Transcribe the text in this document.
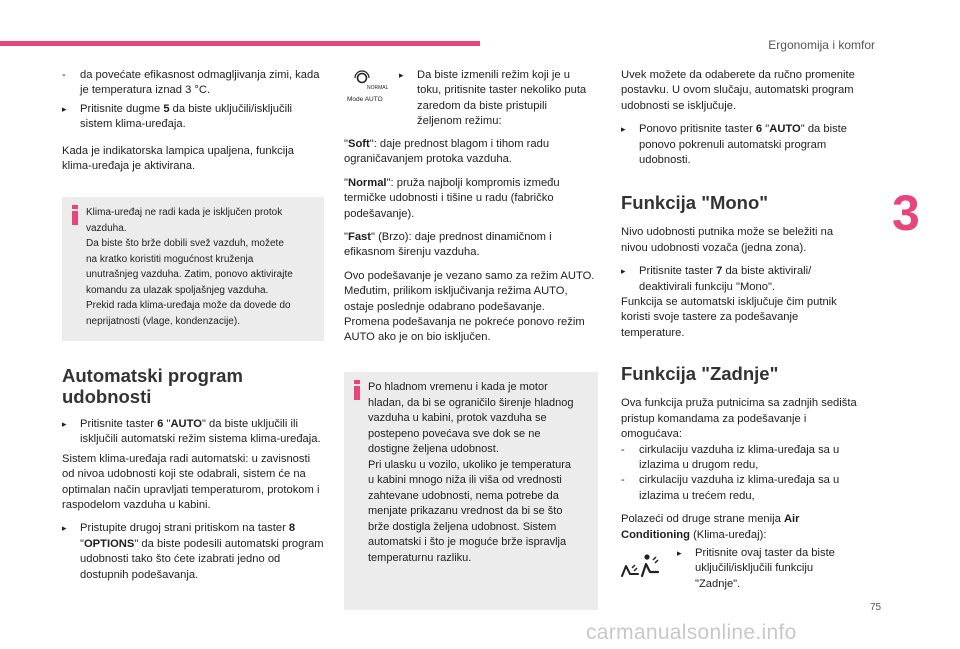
Ergonomija i komfor
3
75
carmanualsonline.info

- da povećate efikasnost odmagljivanja zimi, kada je temperatura iznad 3 °C.

▸ Pritisnite dugme 5 da biste uključili/isključili sistem klima-uređaja.

Kada je indikatorska lampica upaljena, funkcija klima-uređaja je aktivirana.

Klima-uređaj ne radi kada je isključen protok
vazduha.
Da biste što brže dobili svež vazduh, možete
na kratko koristiti mogućnost kruženja
unutrašnjeg vazduha. Zatim, ponovo aktivirajte
komandu za ulazak spoljašnjeg vazduha.
Prekid rada klima-uređaja može da dovede do
neprijatnosti (vlage, kondenzacije).
Automatski program
udobnosti

▸ Pritisnite taster 6 "AUTO" da biste uključili ili isključili automatski režim sistema klima-uređaja.

Sistem klima-uređaja radi automatski: u zavisnosti od nivoa udobnosti koji ste odabrali, sistem će na optimalan način upravljati temperaturom, protokom i raspodelom vazduha u kabini.

▸ Pristupite drugoj strani pritiskom na taster 8 "OPTIONS" da biste podesili automatski program udobnosti tako što ćete izabrati jedno od dostupnih podešavanja.

NORMAL
Mode AUTO

▸ Da biste izmenili režim koji je u toku, pritisnite taster nekoliko puta zaredom da biste pristupili željenom režimu:

"Soft": daje prednost blagom i tihom radu ograničavanjem protoka vazduha.

"Normal": pruža najbolji kompromis između termičke udobnosti i tišine u radu (fabričko podešavanje).

"Fast" (Brzo): daje prednost dinamičnom i efikasnom širenju vazduha.

Ovo podešavanje je vezano samo za režim AUTO. Međutim, prilikom isključivanja režima AUTO, ostaje poslednje odabrano podešavanje.

Promena podešavanja ne pokreće ponovo režim AUTO ako je on bio isključen.

Po hladnom vremenu i kada je motor
hladan, da bi se ograničilo širenje hladnog
vazduha u kabini, protok vazduha se
postepeno povećava sve dok se ne
dostigne željena udobnost.
Pri ulasku u vozilo, ukoliko je temperatura
u kabini mnogo niža ili viša od vrednosti
zahtevane udobnosti, nema potrebe da
menjate prikazanu vrednost da bi se što
brže dostigla željena udobnost. Sistem
automatski i što je moguće brže ispravlja
temperaturnu razliku.

Uvek možete da odaberete da ručno promenite postavku. U ovom slučaju, automatski program udobnosti se isključuje.

▸ Ponovo pritisnite taster 6 "AUTO" da biste ponovo pokrenuli automatski program udobnosti.

Funkcija "Mono"

Nivo udobnosti putnika može se beležiti na nivou udobnosti vozača (jedna zona).

▸ Pritisnite taster 7 da biste aktivirali/ deaktivirali funkciju "Mono".

Funkcija se automatski isključuje čim putnik koristi svoje tastere za podešavanje temperature.

Funkcija "Zadnje"

Ova funkcija pruža putnicima sa zadnjih sedišta pristup komandama za podešavanje i omogućava:

- cirkulaciju vazduha iz klima-uređaja sa u izlazima u drugom redu,

- cirkulaciju vazduha iz klima-uređaja sa u izlazima u trećem redu,

Polazeći od druge strane menija Air Conditioning (Klima-uređaj):

▸ Pritisnite ovaj taster da biste uključili/isključili funkciju "Zadnje".
